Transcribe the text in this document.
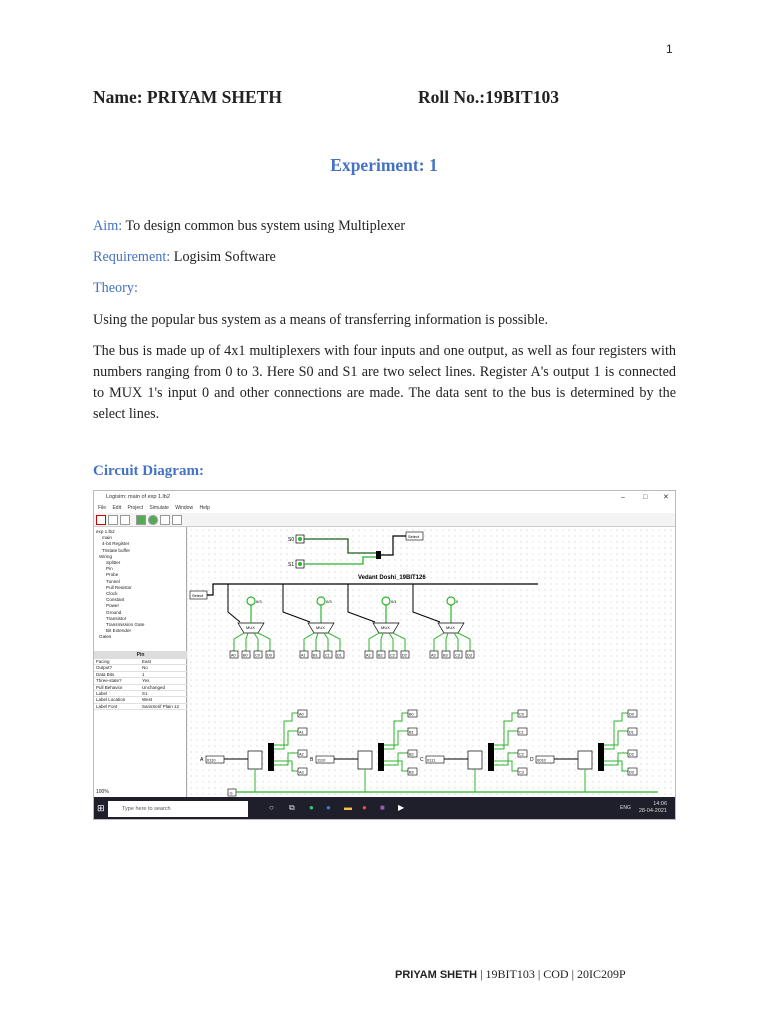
1
Name: PRIYAM SHETH	Roll No.:19BIT103
Experiment: 1
Aim: To design common bus system using Multiplexer
Requirement: Logisim Software
Theory:
Using the popular bus system as a means of transferring information is possible.
The bus is made up of 4x1 multiplexers with four inputs and one output, as well as four registers with numbers ranging from 0 to 3. Here S0 and S1 are two select lines. Register A's output 1 is connected to MUX 1's input 0 and other connections are made. The data sent to the bus is determined by the select lines.
Circuit Diagram:
Logisim: main of exp 1.lb2	–	□ ✕
File Edit Project Simulate Window Help
exp 1.lb2
main
4-bit Register
Tristate buffer
Wiring
Splitter
Pin
Probe
Tunnel
Pull Resistor
Clock
Constant
Power
Ground
Transistor
Transmission Gate
Bit Extender
Gates
Pin
Facing	East
Output?	No
Data Bits	1
Three-state?	Yes
Pull Behavior	Unchanged
Label	S1
Label Location	West
Label Font	SansSerif Plain 12
100%
S0
S1
Select
Vedant Doshi_19BIT126
Select
0/3
MUX
A0 B0 C0 D0
0/3
MUX
A1 B1 C1 D1
0/1
MUX
A2 B2 C2 D2
0
MUX
A3 B3 C3 D3
A 0110
A0
A1
A2
A3
B 1110
B0
B1
B2
B3
C 0111
C0
C1
C2
C3
D 0010
D0
D1
D2
D3
G
⊞	Type here to search	○ ⧉ ● ● ▬ ● ■ ▶	ENG
14:06
28-04-2021
PRIYAM SHETH | 19BIT103 | COD | 20IC209P
